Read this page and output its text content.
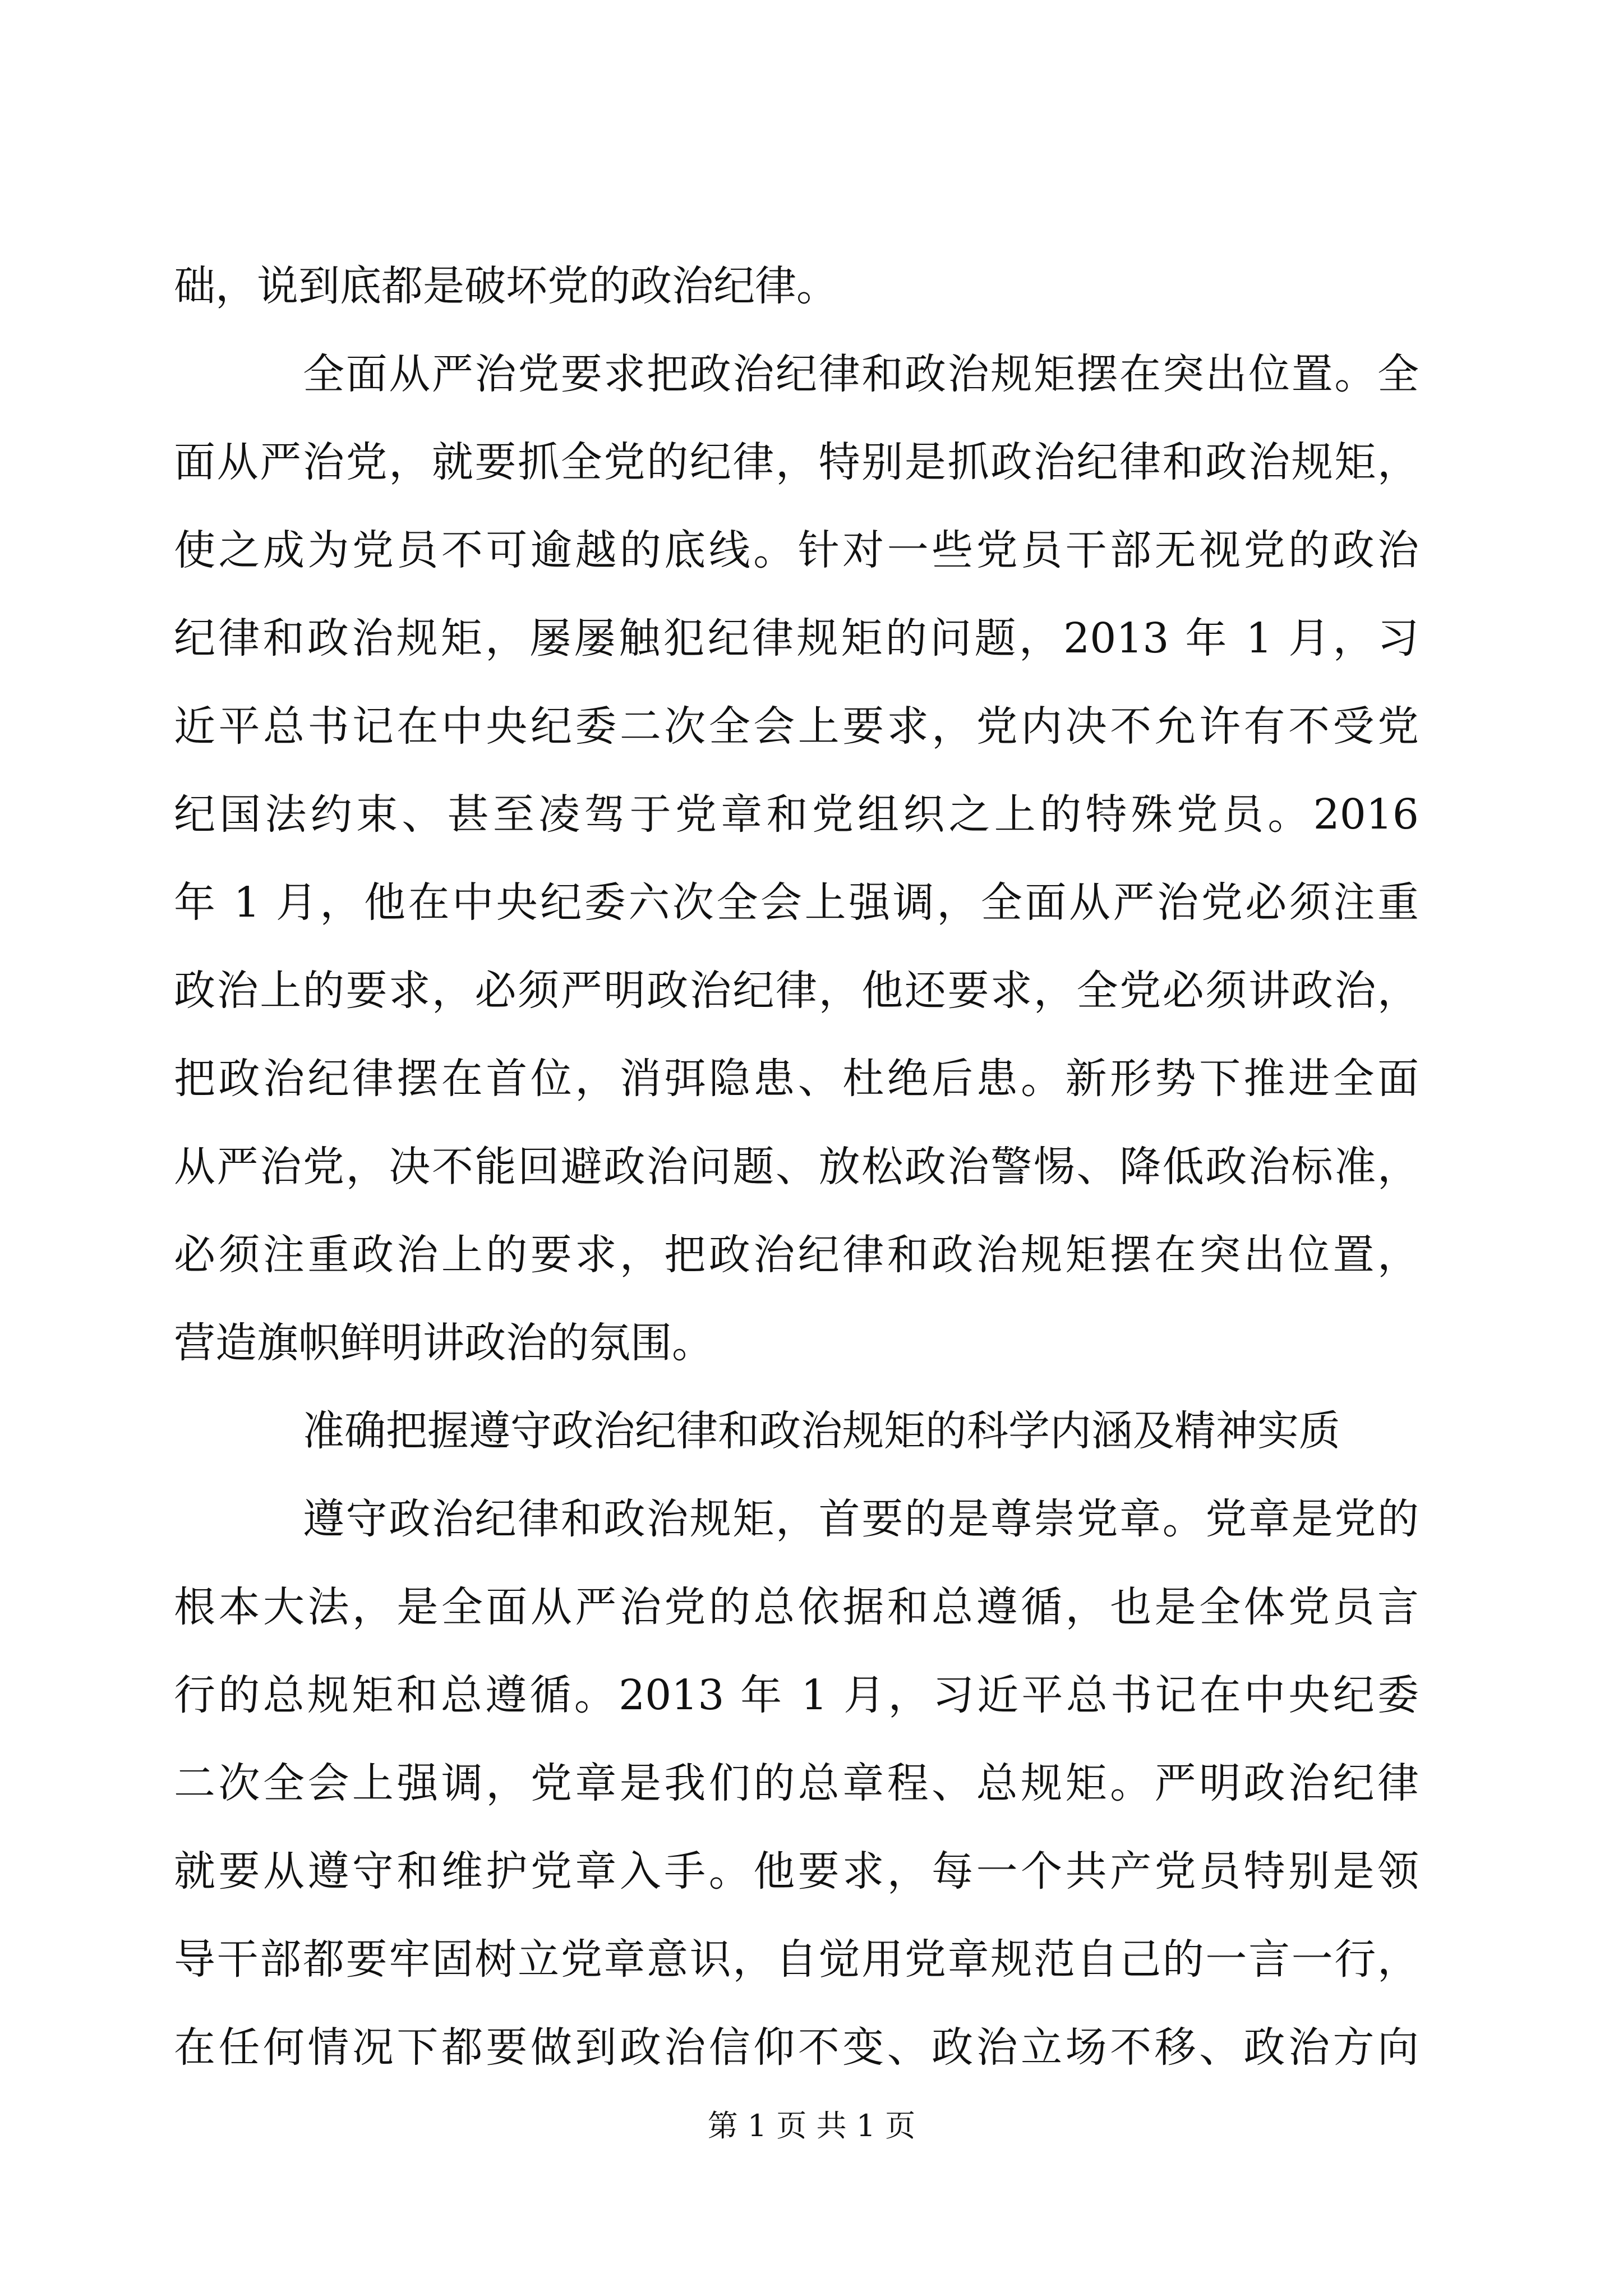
础，说到底都是破坏党的政治纪律。
全面从严治党要求把政治纪律和政治规矩摆在突出位置。全
面从严治党，就要抓全党的纪律，特别是抓政治纪律和政治规矩，
使之成为党员不可逾越的底线。针对一些党员干部无视党的政治
纪律和政治规矩，屡屡触犯纪律规矩的问题，2013 年 1 月，习
近平总书记在中央纪委二次全会上要求，党内决不允许有不受党
纪国法约束、甚至凌驾于党章和党组织之上的特殊党员。2016
年 1 月，他在中央纪委六次全会上强调，全面从严治党必须注重
政治上的要求，必须严明政治纪律，他还要求，全党必须讲政治，
把政治纪律摆在首位，消弭隐患、杜绝后患。新形势下推进全面
从严治党，决不能回避政治问题、放松政治警惕、降低政治标准，
必须注重政治上的要求，把政治纪律和政治规矩摆在突出位置，
营造旗帜鲜明讲政治的氛围。
准确把握遵守政治纪律和政治规矩的科学内涵及精神实质
遵守政治纪律和政治规矩，首要的是尊崇党章。党章是党的
根本大法，是全面从严治党的总依据和总遵循，也是全体党员言
行的总规矩和总遵循。2013 年 1 月，习近平总书记在中央纪委
二次全会上强调，党章是我们的总章程、总规矩。严明政治纪律
就要从遵守和维护党章入手。他要求，每一个共产党员特别是领
导干部都要牢固树立党章意识，自觉用党章规范自己的一言一行，
在任何情况下都要做到政治信仰不变、政治立场不移、政治方向
第 1 页 共 1 页
